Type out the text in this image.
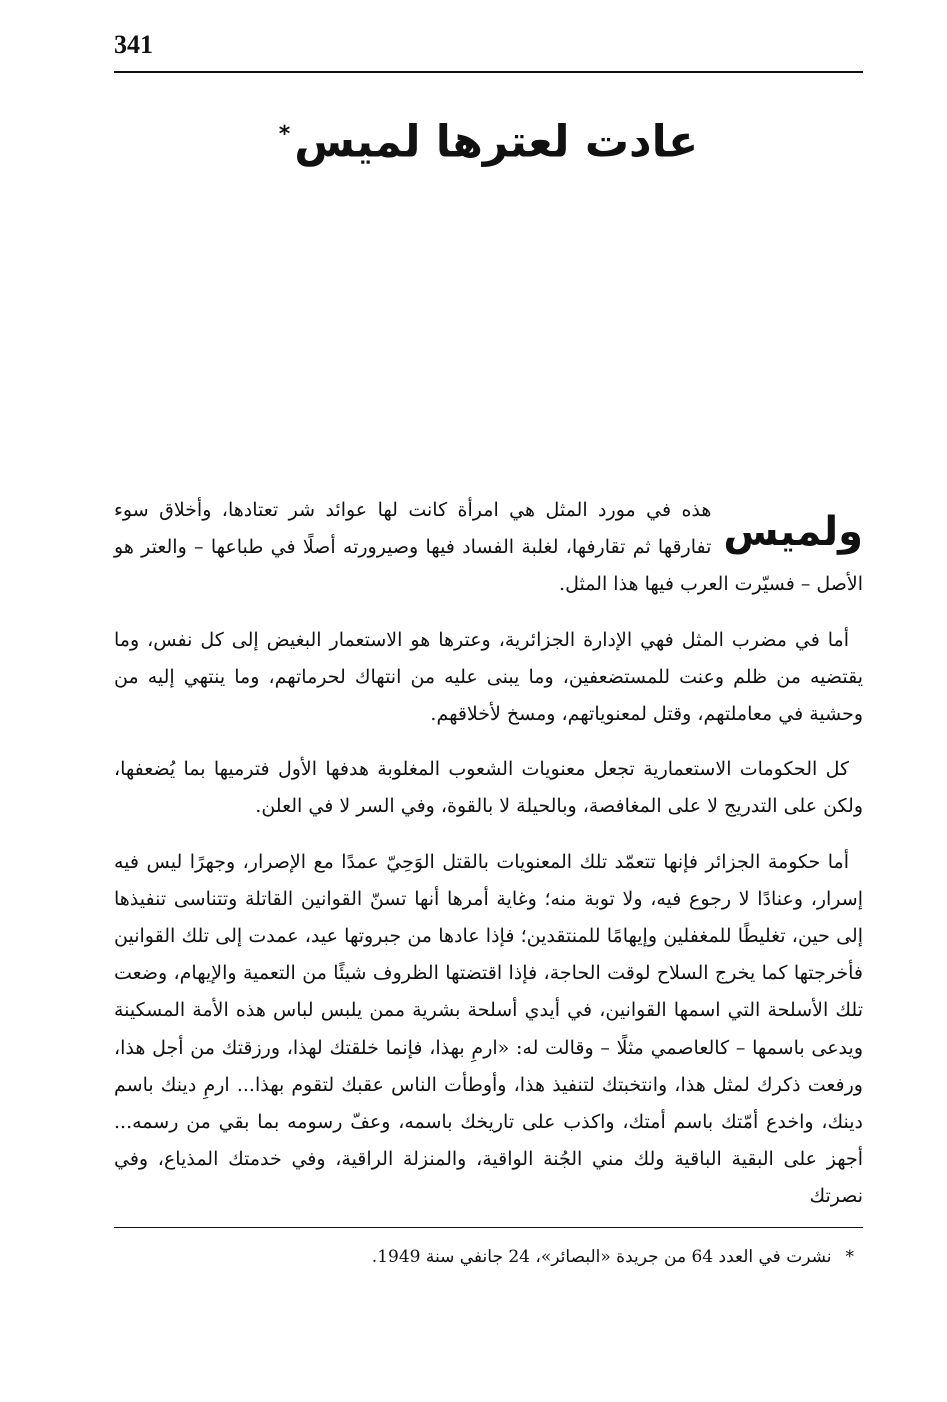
341
عادت لعترها لميس*
ولميس

هذه في مورد المثل هي امرأة كانت لها عوائد شر تعتادها، وأخلاق سوء تفارقها ثم تقارفها، لغلبة الفساد فيها وصيرورته أصلًا في طباعها – والعتر هو الأصل – فسيّرت العرب فيها هذا المثل.

أما في مضرب المثل فهي الإدارة الجزائرية، وعترها هو الاستعمار البغيض إلى كل نفس، وما يقتضيه من ظلم وعنت للمستضعفين، وما يبنى عليه من انتهاك لحرماتهم، وما ينتهي إليه من وحشية في معاملتهم، وقتل لمعنوياتهم، ومسخ لأخلاقهم.

كل الحكومات الاستعمارية تجعل معنويات الشعوب المغلوبة هدفها الأول فترميها بما يُضعفها، ولكن على التدريج لا على المغافصة، وبالحيلة لا بالقوة، وفي السر لا في العلن.

أما حكومة الجزائر فإنها تتعمّد تلك المعنويات بالقتل الوَحِيّ عمدًا مع الإصرار، وجهرًا ليس فيه إسرار، وعنادًا لا رجوع فيه، ولا توبة منه؛ وغاية أمرها أنها تسنّ القوانين القاتلة وتتناسى تنفيذها إلى حين، تغليطًا للمغفلين وإيهامًا للمنتقدين؛ فإذا عادها من جبروتها عيد، عمدت إلى تلك القوانين فأخرجتها كما يخرج السلاح لوقت الحاجة، فإذا اقتضتها الظروف شيئًا من التعمية والإيهام، وضعت تلك الأسلحة التي اسمها القوانين، في أيدي أسلحة بشرية ممن يلبس لباس هذه الأمة المسكينة ويدعى باسمها – كالعاصمي مثلًا – وقالت له: «ارمِ بهذا، فإنما خلقتك لهذا، ورزقتك من أجل هذا، ورفعت ذكرك لمثل هذا، وانتخبتك لتنفيذ هذا، وأوطأت الناس عقبك لتقوم بهذا... ارمِ دينك باسم دينك، واخدع أمّتك باسم أمتك، واكذب على تاريخك باسمه، وعفّ رسومه بما بقي من رسمه... أجهز على البقية الباقية ولك مني الجُنة الواقية، والمنزلة الراقية، وفي خدمتك المذياع، وفي نصرتك

*نشرت في العدد 64 من جريدة «البصائر»، 24 جانفي سنة 1949.
